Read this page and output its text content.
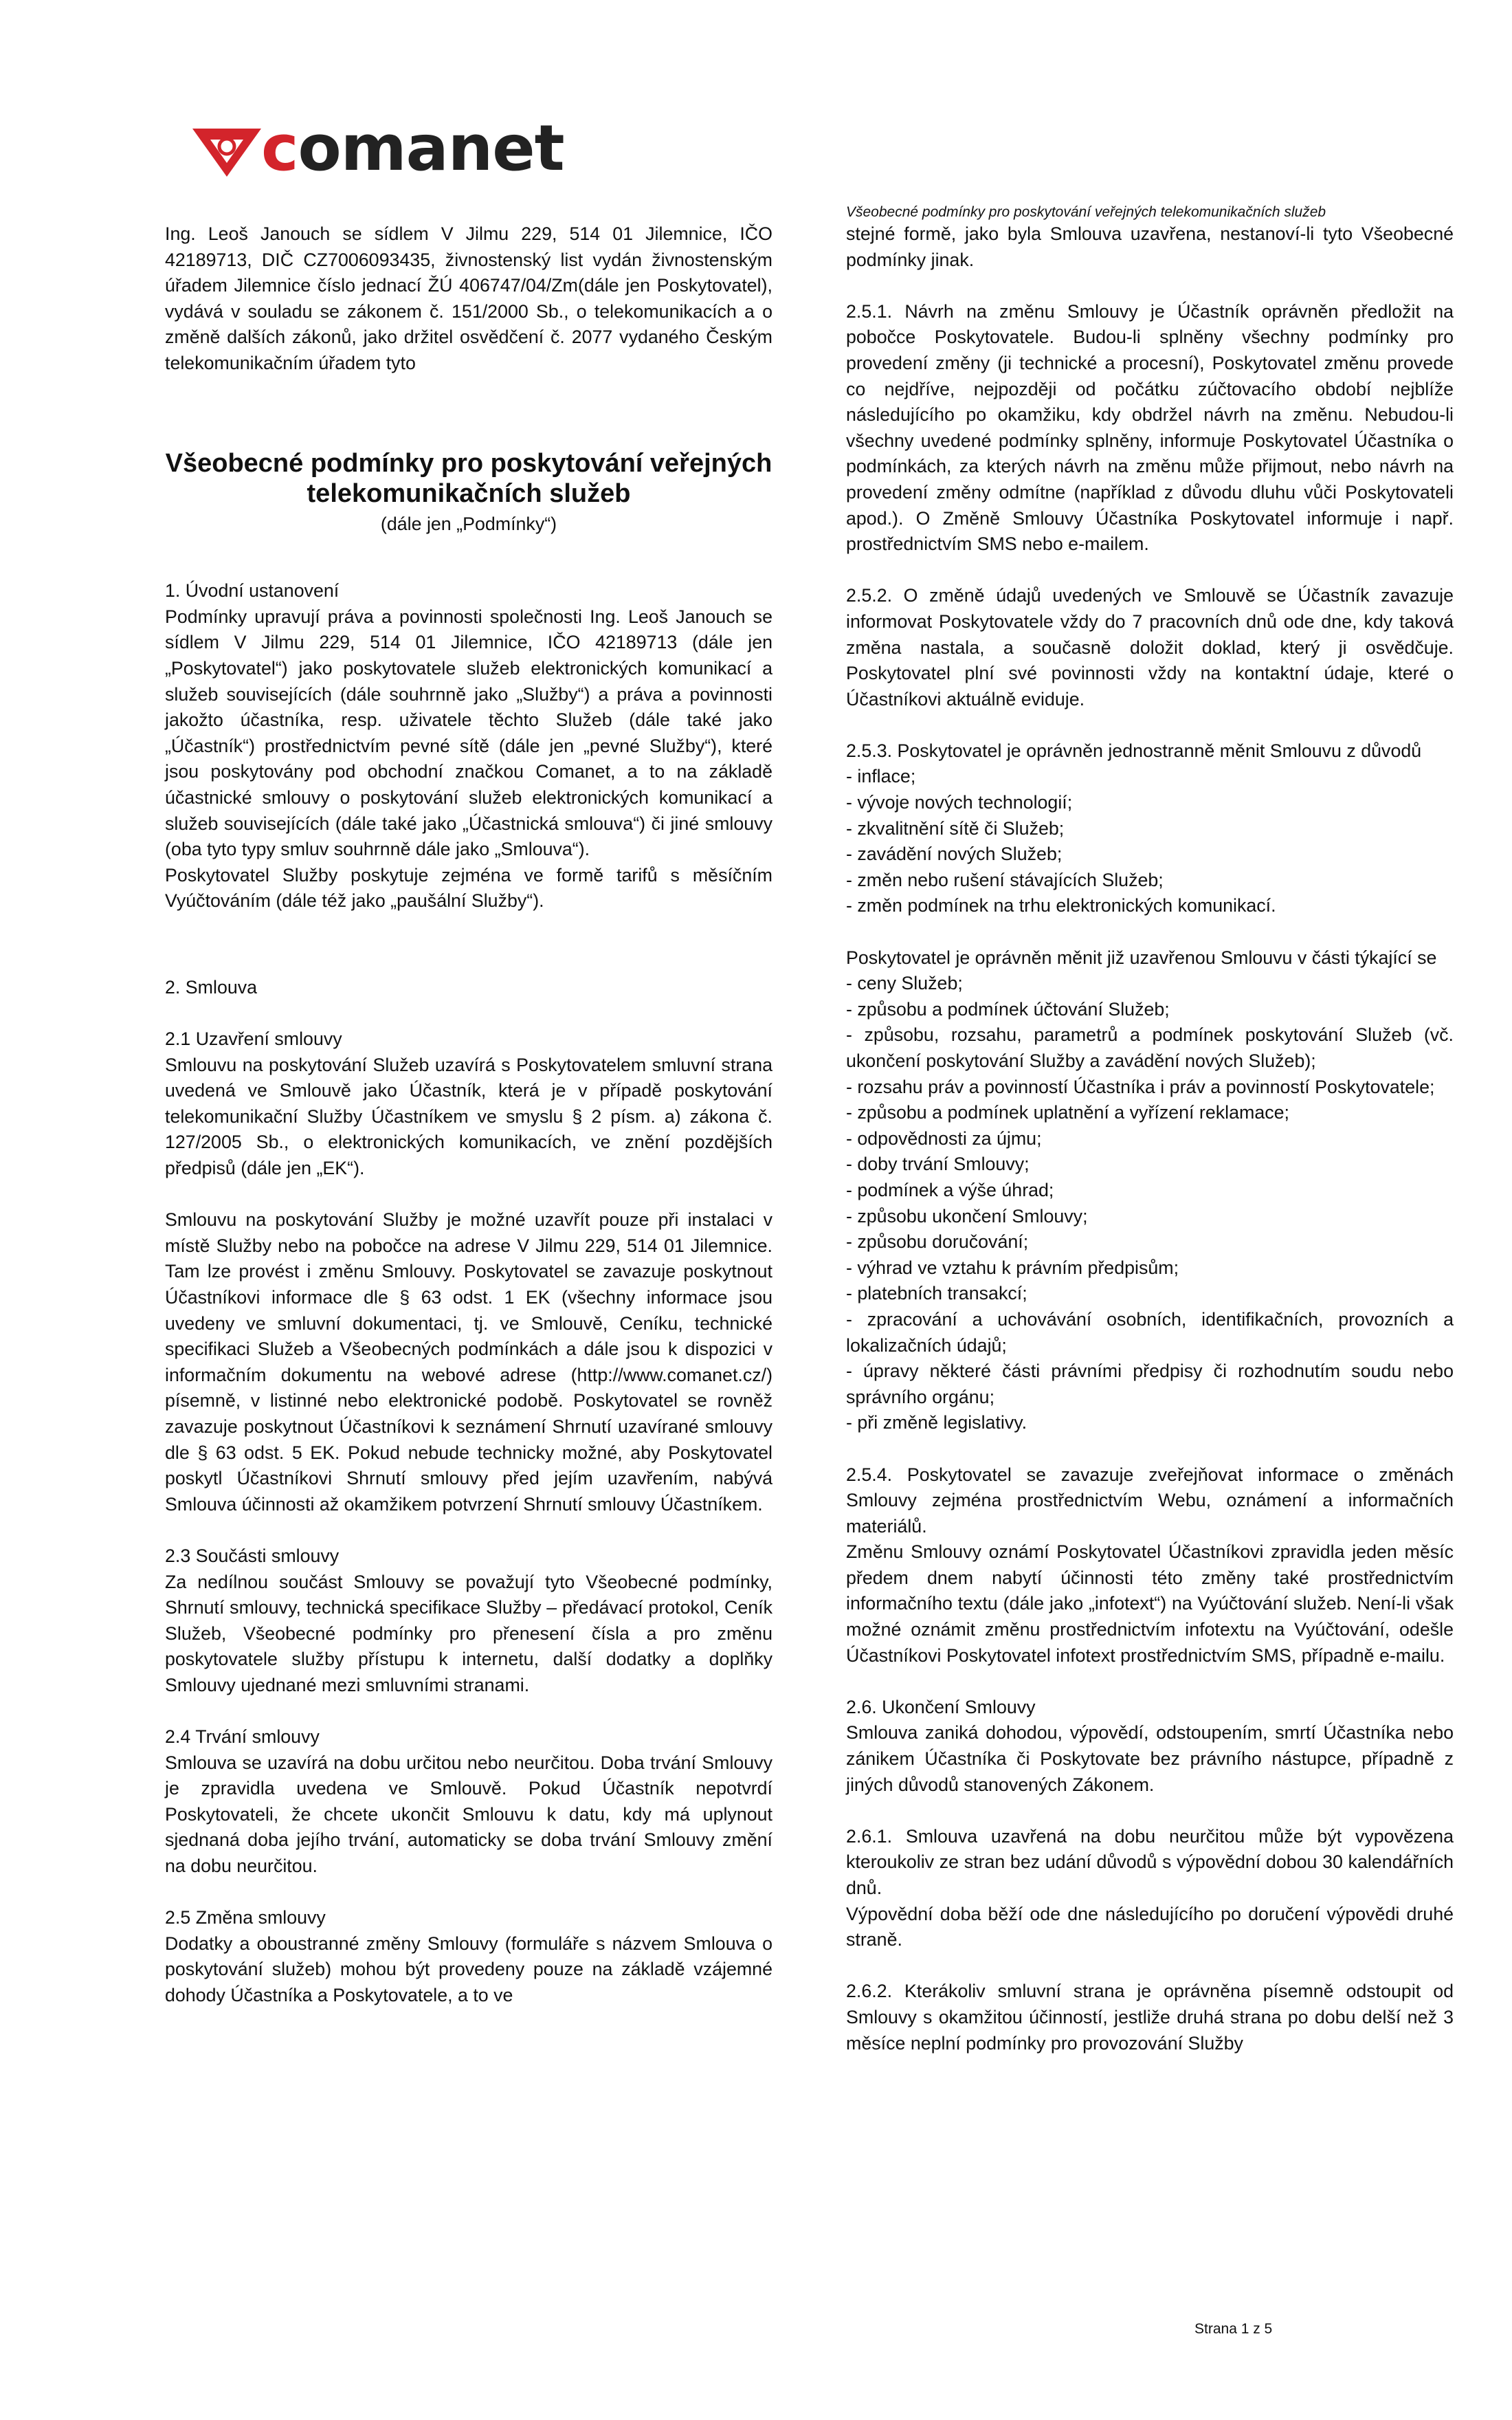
comanet
Všeobecné podmínky pro poskytování veřejných telekomunikačních služeb

Ing. Leoš Janouch se sídlem V Jilmu 229, 514 01 Jilemnice, IČO 42189713, DIČ CZ7006093435, živnostenský list vydán živnostenským úřadem Jilemnice číslo jednací ŽÚ 406747/04/Zm(dále jen Poskytovatel), vydává v souladu se zákonem č. 151/2000 Sb., o telekomunikacích a o změně dalších zákonů, jako držitel osvědčení č. 2077 vydaného Českým telekomunikačním úřadem tyto

Všeobecné podmínky pro poskytování veřejných telekomunikačních služeb

(dále jen „Podmínky“)

1. Úvodní ustanovení

Podmínky upravují práva a povinnosti společnosti Ing. Leoš Janouch se sídlem V Jilmu 229, 514 01 Jilemnice, IČO 42189713 (dále jen „Poskytovatel“) jako poskytovatele služeb elektronických komunikací a služeb souvisejících (dále souhrnně jako „Služby“) a práva a povinnosti jakožto účastníka, resp. uživatele těchto Služeb (dále také jako „Účastník“) prostřednictvím pevné sítě (dále jen „pevné Služby“), které jsou poskytovány pod obchodní značkou Comanet, a to na základě účastnické smlouvy o poskytování služeb elektronických komunikací a služeb souvisejících (dále také jako „Účastnická smlouva“) či jiné smlouvy (oba tyto typy smluv souhrnně dále jako „Smlouva“).

Poskytovatel Služby poskytuje zejména ve formě tarifů s měsíčním Vyúčtováním (dále též jako „paušální Služby“).

2. Smlouva

2.1 Uzavření smlouvy

Smlouvu na poskytování Služeb uzavírá s Poskytovatelem smluvní strana uvedená ve Smlouvě jako Účastník, která je v případě poskytování telekomunikační Služby Účastníkem ve smyslu § 2 písm. a) zákona č. 127/2005 Sb., o elektronických komunikacích, ve znění pozdějších předpisů (dále jen „EK“).

Smlouvu na poskytování Služby je možné uzavřít pouze při instalaci v místě Služby nebo na pobočce na adrese V Jilmu 229, 514 01 Jilemnice. Tam lze provést i změnu Smlouvy. Poskytovatel se zavazuje poskytnout Účastníkovi informace dle § 63 odst. 1 EK (všechny informace jsou uvedeny ve smluvní dokumentaci, tj. ve Smlouvě, Ceníku, technické specifikaci Služeb a Všeobecných podmínkách a dále jsou k dispozici v informačním dokumentu na webové adrese (http://www.comanet.cz/) písemně, v listinné nebo elektronické podobě. Poskytovatel se rovněž zavazuje poskytnout Účastníkovi k seznámení Shrnutí uzavírané smlouvy dle § 63 odst. 5 EK. Pokud nebude technicky možné, aby Poskytovatel poskytl Účastníkovi Shrnutí smlouvy před jejím uzavřením, nabývá Smlouva účinnosti až okamžikem potvrzení Shrnutí smlouvy Účastníkem.

2.3 Součásti smlouvy

Za nedílnou součást Smlouvy se považují tyto Všeobecné podmínky, Shrnutí smlouvy, technická specifikace Služby – předávací protokol, Ceník Služeb, Všeobecné podmínky pro přenesení čísla a pro změnu poskytovatele služby přístupu k internetu, další dodatky a doplňky Smlouvy ujednané mezi smluvními stranami.

2.4 Trvání smlouvy

Smlouva se uzavírá na dobu určitou nebo neurčitou. Doba trvání Smlouvy je zpravidla uvedena ve Smlouvě. Pokud Účastník nepotvrdí Poskytovateli, že chcete ukončit Smlouvu k datu, kdy má uplynout sjednaná doba jejího trvání, automaticky se doba trvání Smlouvy změní na dobu neurčitou.

2.5 Změna smlouvy

Dodatky a oboustranné změny Smlouvy (formuláře s názvem Smlouva o poskytování služeb) mohou být provedeny pouze na základě vzájemné dohody Účastníka a Poskytovatele, a to ve

stejné formě, jako byla Smlouva uzavřena, nestanoví-li tyto Všeobecné podmínky jinak.

2.5.1. Návrh na změnu Smlouvy je Účastník oprávněn předložit na pobočce Poskytovatele. Budou-li splněny všechny podmínky pro provedení změny (ji technické a procesní), Poskytovatel změnu provede co nejdříve, nejpozději od počátku zúčtovacího období nejblíže následujícího po okamžiku, kdy obdržel návrh na změnu. Nebudou-li všechny uvedené podmínky splněny, informuje Poskytovatel Účastníka o podmínkách, za kterých návrh na změnu může přijmout, nebo návrh na provedení změny odmítne (například z důvodu dluhu vůči Poskytovateli apod.). O Změně Smlouvy Účastníka Poskytovatel informuje i např. prostřednictvím SMS nebo e-mailem.

2.5.2. O změně údajů uvedených ve Smlouvě se Účastník zavazuje informovat Poskytovatele vždy do 7 pracovních dnů ode dne, kdy taková změna nastala, a současně doložit doklad, který ji osvědčuje. Poskytovatel plní své povinnosti vždy na kontaktní údaje, které o Účastníkovi aktuálně eviduje.

2.5.3. Poskytovatel je oprávněn jednostranně měnit Smlouvu z důvodů

- inflace;

- vývoje nových technologií;

- zkvalitnění sítě či Služeb;

- zavádění nových Služeb;

- změn nebo rušení stávajících Služeb;

- změn podmínek na trhu elektronických komunikací.

Poskytovatel je oprávněn měnit již uzavřenou Smlouvu v části týkající se

- ceny Služeb;

- způsobu a podmínek účtování Služeb;

- způsobu, rozsahu, parametrů a podmínek poskytování Služeb (vč. ukončení poskytování Služby a zavádění nových Služeb);

- rozsahu práv a povinností Účastníka i práv a povinností Poskytovatele;

- způsobu a podmínek uplatnění a vyřízení reklamace;

- odpovědnosti za újmu;

- doby trvání Smlouvy;

- podmínek a výše úhrad;

- způsobu ukončení Smlouvy;

- způsobu doručování;

- výhrad ve vztahu k právním předpisům;

- platebních transakcí;

- zpracování a uchovávání osobních, identifikačních, provozních a lokalizačních údajů;

- úpravy některé části právními předpisy či rozhodnutím soudu nebo správního orgánu;

- při změně legislativy.

2.5.4. Poskytovatel se zavazuje zveřejňovat informace o změnách Smlouvy zejména prostřednictvím Webu, oznámení a informačních materiálů.

Změnu Smlouvy oznámí Poskytovatel Účastníkovi zpravidla jeden měsíc předem dnem nabytí účinnosti této změny také prostřednictvím informačního textu (dále jako „infotext“) na Vyúčtování služeb. Není-li však možné oznámit změnu prostřednictvím infotextu na Vyúčtování, odešle Účastníkovi Poskytovatel infotext prostřednictvím SMS, případně e-mailu.

2.6. Ukončení Smlouvy

Smlouva zaniká dohodou, výpovědí, odstoupením, smrtí Účastníka nebo zánikem Účastníka či Poskytovate bez právního nástupce, případně z jiných důvodů stanovených Zákonem.

2.6.1. Smlouva uzavřená na dobu neurčitou může být vypovězena kteroukoliv ze stran bez udání důvodů s výpovědní dobou 30 kalendářních dnů.

Výpovědní doba běží ode dne následujícího po doručení výpovědi druhé straně.

2.6.2. Kterákoliv smluvní strana je oprávněna písemně odstoupit od Smlouvy s okamžitou účinností, jestliže druhá strana po dobu delší než 3 měsíce neplní podmínky pro provozování Služby

Strana 1 z 5
